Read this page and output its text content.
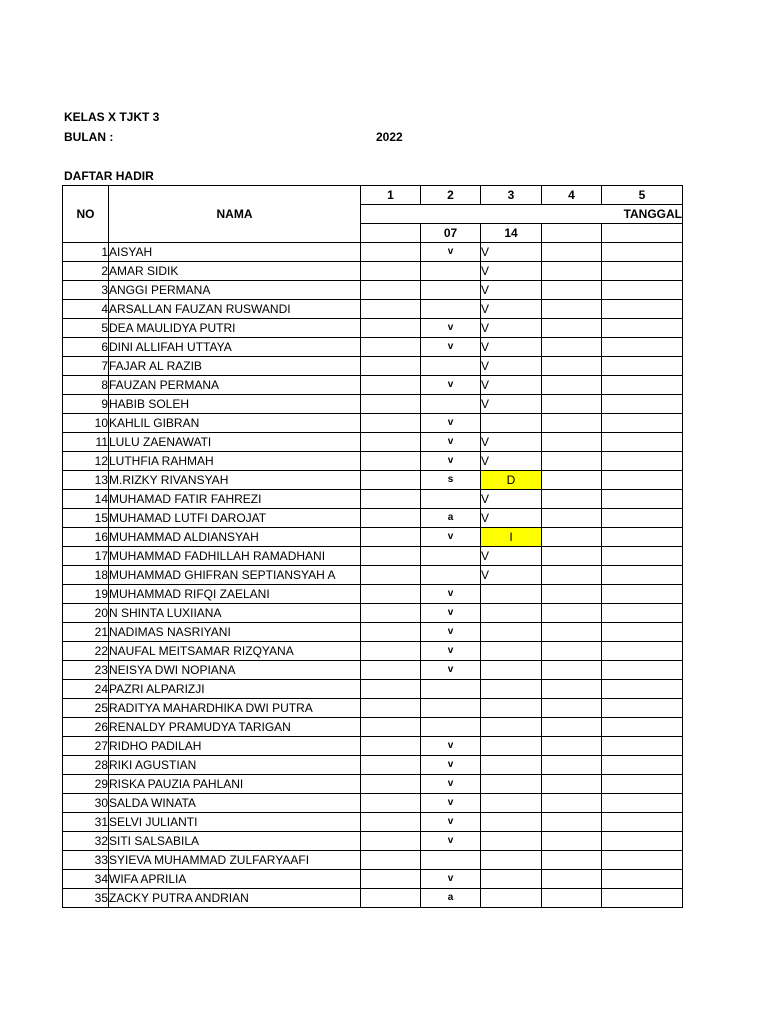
KELAS X TJKT 3
BULAN :	2022
DAFTAR HADIR
NO	NAMA	1	2	3	4	5
		TANGGAL				
			07	14		
1	AISYAH		v	V		
2	AMAR SIDIK			V		
3	ANGGI PERMANA			V		
4	ARSALLAN FAUZAN RUSWANDI			V		
5	DEA MAULIDYA PUTRI		v	V		
6	DINI ALLIFAH UTTAYA		v	V		
7	FAJAR AL RAZIB			V		
8	FAUZAN PERMANA		v	V		
9	HABIB SOLEH			V		
10	KAHLIL GIBRAN		v			
11	LULU ZAENAWATI		v	V		
12	LUTHFIA RAHMAH		v	V		
13	M.RIZKY RIVANSYAH		s	D		
14	MUHAMAD FATIR FAHREZI			V		
15	MUHAMAD LUTFI DAROJAT		a	V		
16	MUHAMMAD ALDIANSYAH		v	I		
17	MUHAMMAD FADHILLAH RAMADHANI			V		
18	MUHAMMAD GHIFRAN SEPTIANSYAH A			V		
19	MUHAMMAD RIFQI ZAELANI		v			
20	N SHINTA LUXIIANA		v			
21	NADIMAS NASRIYANI		v			
22	NAUFAL MEITSAMAR RIZQYANA		v			
23	NEISYA DWI NOPIANA		v			
24	PAZRI ALPARIZJI					
25	RADITYA MAHARDHIKA DWI PUTRA					
26	RENALDY PRAMUDYA TARIGAN					
27	RIDHO PADILAH		v			
28	RIKI AGUSTIAN		v			
29	RISKA PAUZIA PAHLANI		v			
30	SALDA WINATA		v			
31	SELVI JULIANTI		v			
32	SITI SALSABILA		v			
33	SYIEVA MUHAMMAD ZULFARYAAFI					
34	WIFA APRILIA		v			
35	ZACKY PUTRA ANDRIAN		a			
